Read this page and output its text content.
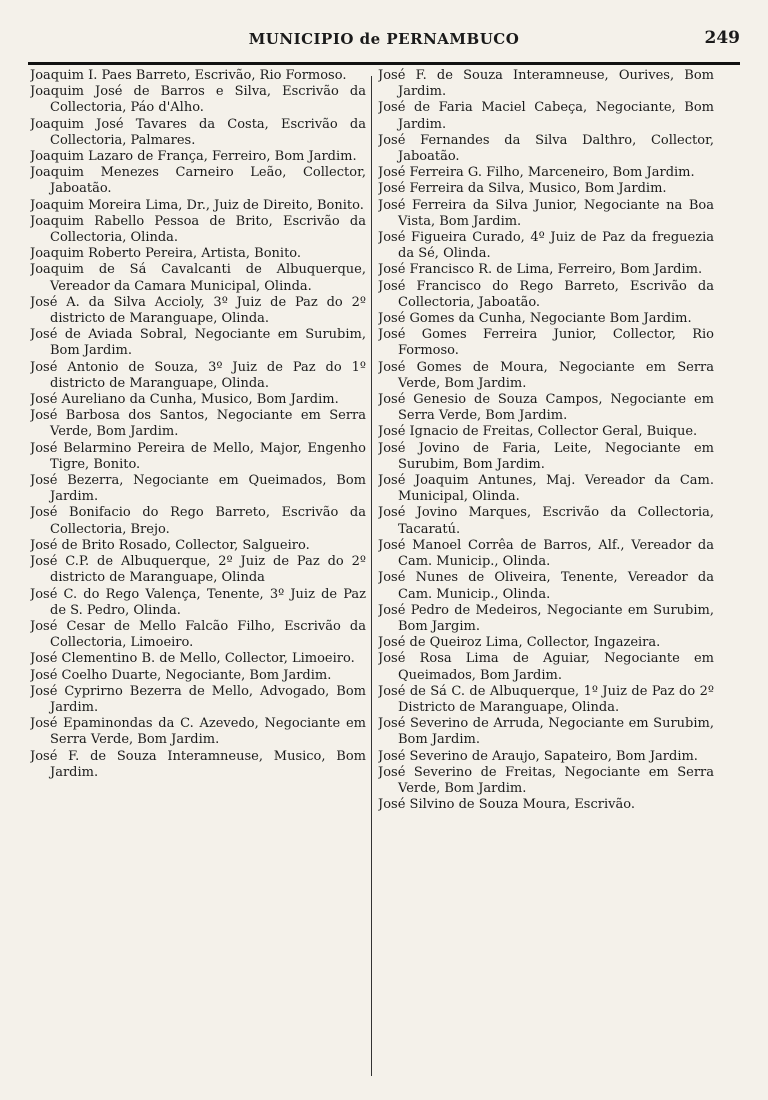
MUNICIPIO de PERNAMBUCO	249

Joaquim I. Paes Barreto, Escrivão, Rio Formoso.

Joaquim José de Barros e Silva, Escrivão da Collectoria, Páo d'Alho.

Joaquim José Tavares da Costa, Escrivão da Collectoria, Palmares.

Joaquim Lazaro de França, Ferreiro, Bom Jardim.

Joaquim Menezes Carneiro Leão, Collector, Jaboatão.

Joaquim Moreira Lima, Dr., Juiz de Direito, Bonito.

Joaquim Rabello Pessoa de Brito, Escrivão da Collectoria, Olinda.

Joaquim Roberto Pereira, Artista, Bonito.

Joaquim de Sá Cavalcanti de Albuquerque, Vereador da Camara Municipal, Olinda.

José A. da Silva Accioly, 3º Juiz de Paz do 2º districto de Maranguape, Olinda.

José de Aviada Sobral, Negociante em Surubim, Bom Jardim.

José Antonio de Souza, 3º Juiz de Paz do 1º districto de Maranguape, Olinda.

José Aureliano da Cunha, Musico, Bom Jardim.

José Barbosa dos Santos, Negociante em Serra Verde, Bom Jardim.

José Belarmino Pereira de Mello, Major, Engenho Tigre, Bonito.

José Bezerra, Negociante em Queimados, Bom Jardim.

José Bonifacio do Rego Barreto, Escrivão da Collectoria, Brejo.

José de Brito Rosado, Collector, Salgueiro.

José C.P. de Albuquerque, 2º Juiz de Paz do 2º districto de Maranguape, Olinda

José C. do Rego Valença, Tenente, 3º Juiz de Paz de S. Pedro, Olinda.

José Cesar de Mello Falcão Filho, Escrivão da Collectoria, Limoeiro.

José Clementino B. de Mello, Collector, Limoeiro.

José Coelho Duarte, Negociante, Bom Jardim.

José Cyprirno Bezerra de Mello, Advogado, Bom Jardim.

José Epaminondas da C. Azevedo, Negociante em Serra Verde, Bom Jardim.

José F. de Souza Interamneuse, Musico, Bom Jardim.

José F. de Souza Interamneuse, Ourives, Bom Jardim.

José de Faria Maciel Cabeça, Negociante, Bom Jardim.

José Fernandes da Silva Dalthro, Collector, Jaboatão.

José Ferreira G. Filho, Marceneiro, Bom Jardim.

José Ferreira da Silva, Musico, Bom Jardim.

José Ferreira da Silva Junior, Negociante na Boa Vista, Bom Jardim.

José Figueira Curado, 4º Juiz de Paz da freguezia da Sé, Olinda.

José Francisco R. de Lima, Ferreiro, Bom Jardim.

José Francisco do Rego Barreto, Escrivão da Collectoria, Jaboatão.

José Gomes da Cunha, Negociante Bom Jardim.

José Gomes Ferreira Junior, Collector, Rio Formoso.

José Gomes de Moura, Negociante em Serra Verde, Bom Jardim.

José Genesio de Souza Campos, Negociante em Serra Verde, Bom Jardim.

José Ignacio de Freitas, Collector Geral, Buique.

José Jovino de Faria, Leite, Negociante em Surubim, Bom Jardim.

José Joaquim Antunes, Maj. Vereador da Cam. Municipal, Olinda.

José Jovino Marques, Escrivão da Collectoria, Tacaratú.

José Manoel Corrêa de Barros, Alf., Vereador da Cam. Municip., Olinda.

José Nunes de Oliveira, Tenente, Vereador da Cam. Municip., Olinda.

José Pedro de Medeiros, Negociante em Surubim, Bom Jargim.

José de Queiroz Lima, Collector, Ingazeira.

José Rosa Lima de Aguiar, Negociante em Queimados, Bom Jardim.

José de Sá C. de Albuquerque, 1º Juiz de Paz do 2º Districto de Maranguape, Olinda.

José Severino de Arruda, Negociante em Surubim, Bom Jardim.

José Severino de Araujo, Sapateiro, Bom Jardim.

José Severino de Freitas, Negociante em Serra Verde, Bom Jardim.

José Silvino de Souza Moura, Escrivão.
